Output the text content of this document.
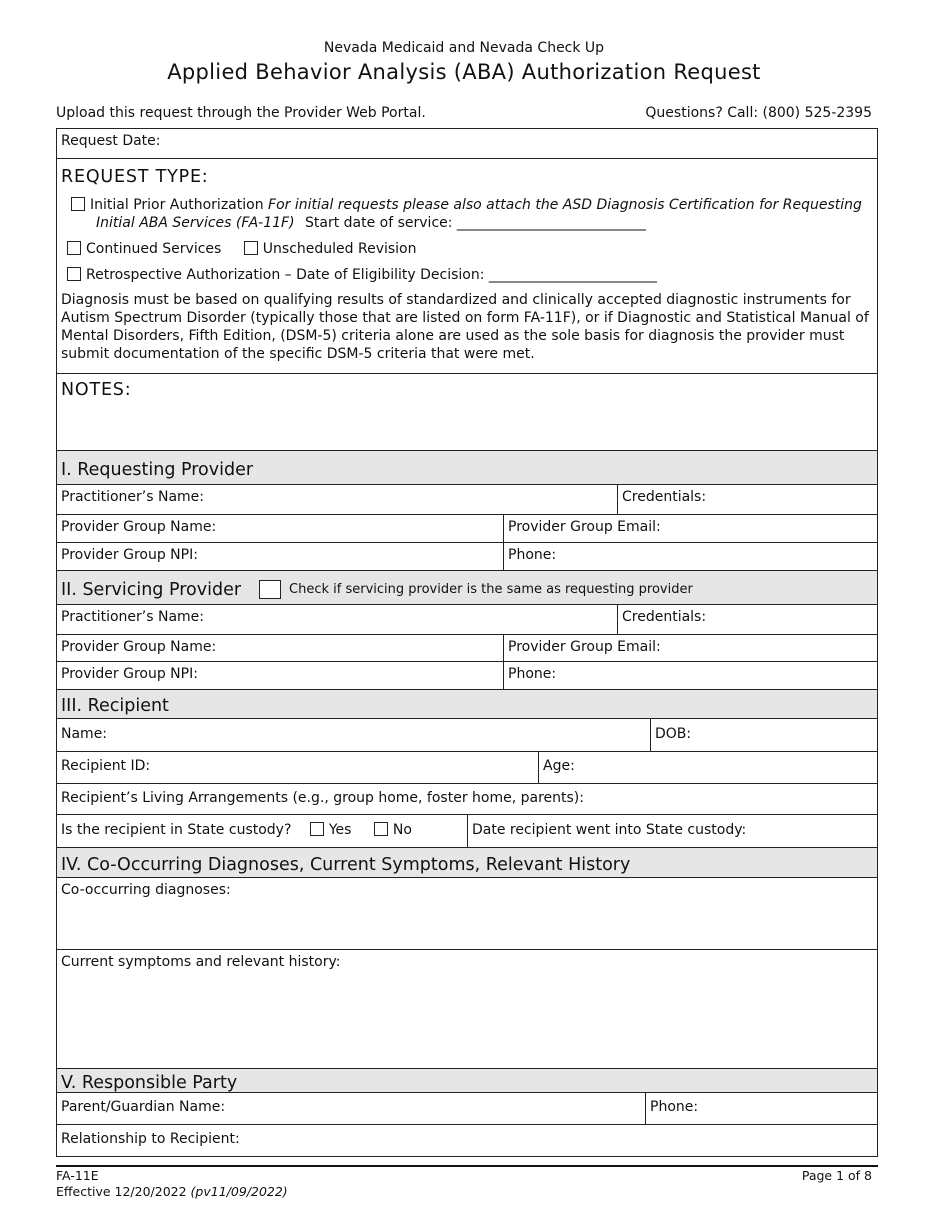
Nevada Medicaid and Nevada Check Up
Applied Behavior Analysis (ABA) Authorization Request
Upload this request through the Provider Web Portal.	Questions? Call: (800) 525-2395
Request Date:
REQUEST TYPE:
Initial Prior Authorization For initial requests please also attach the ASD Diagnosis Certification for Requesting
Initial ABA Services (FA-11F) Start date of service: ___________________________
Continued Services	Unscheduled Revision
Retrospective Authorization – Date of Eligibility Decision: ________________________
Diagnosis must be based on qualifying results of standardized and clinically accepted diagnostic instruments for Autism Spectrum Disorder (typically those that are listed on form FA-11F), or if Diagnostic and Statistical Manual of Mental Disorders, Fifth Edition, (DSM-5) criteria alone are used as the sole basis for diagnosis the provider must submit documentation of the specific DSM-5 criteria that were met.
NOTES:
I. Requesting Provider
Practitioner’s Name:	Credentials:
Provider Group Name:	Provider Group Email:
Provider Group NPI:	Phone:
II. Servicing Provider	Check if servicing provider is the same as requesting provider
Practitioner’s Name:	Credentials:
Provider Group Name:	Provider Group Email:
Provider Group NPI:	Phone:
III. Recipient
Name:	DOB:
Recipient ID:	Age:
Recipient’s Living Arrangements (e.g., group home, foster home, parents):
Is the recipient in State custody?	Yes	No	Date recipient went into State custody:
IV. Co-Occurring Diagnoses, Current Symptoms, Relevant History
Co-occurring diagnoses:
Current symptoms and relevant history:
V. Responsible Party
Parent/Guardian Name:	Phone:
Relationship to Recipient:
FA-11E
Effective 12/20/2022 (pv11/09/2022)
Page 1 of 8
